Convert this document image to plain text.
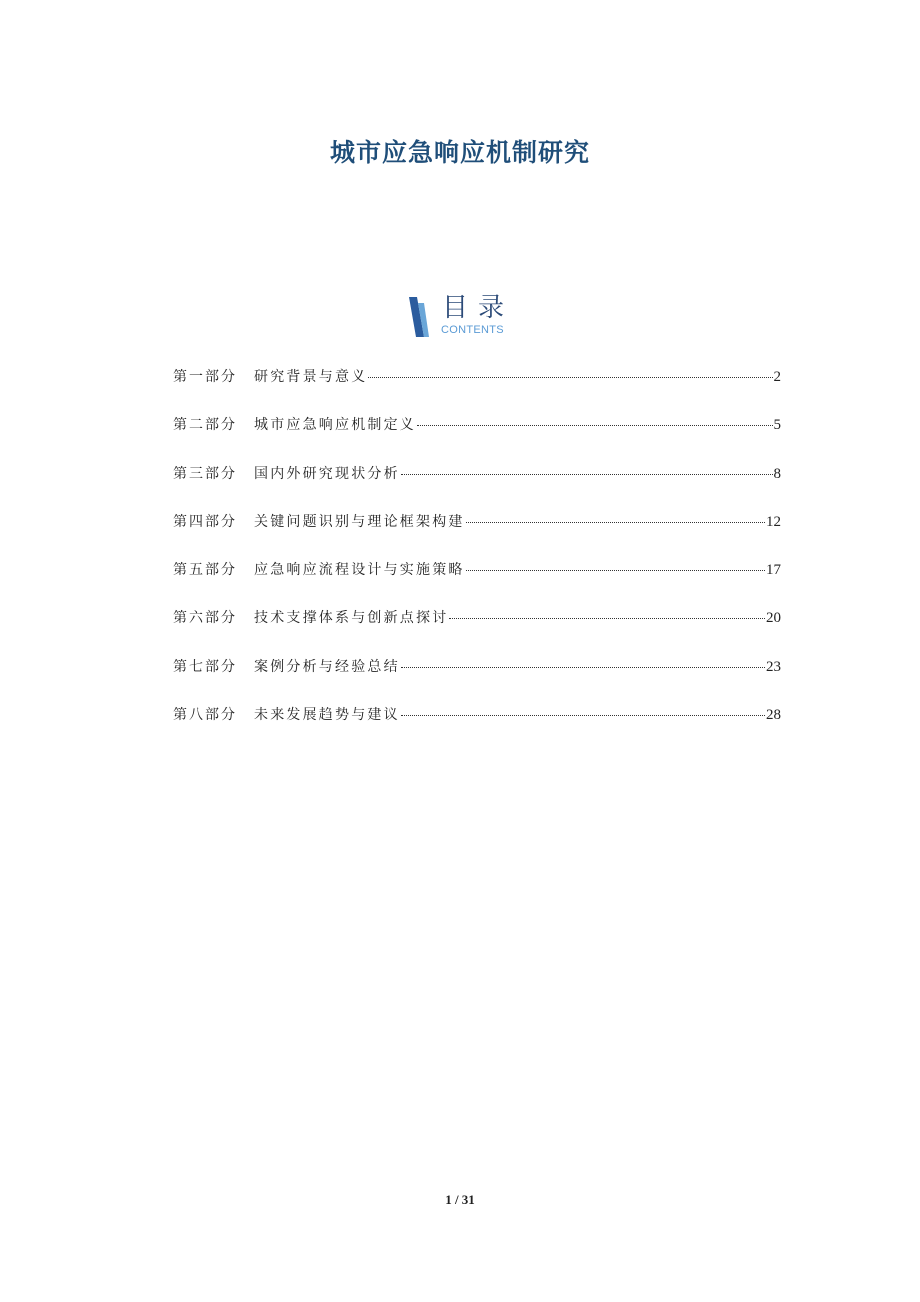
城市应急响应机制研究
目录
CONTENTS
第一部分	研究背景与意义	2
第二部分	城市应急响应机制定义	5
第三部分	国内外研究现状分析	8
第四部分	关键问题识别与理论框架构建	12
第五部分	应急响应流程设计与实施策略	17
第六部分	技术支撑体系与创新点探讨	20
第七部分	案例分析与经验总结	23
第八部分	未来发展趋势与建议	28
1 / 31
